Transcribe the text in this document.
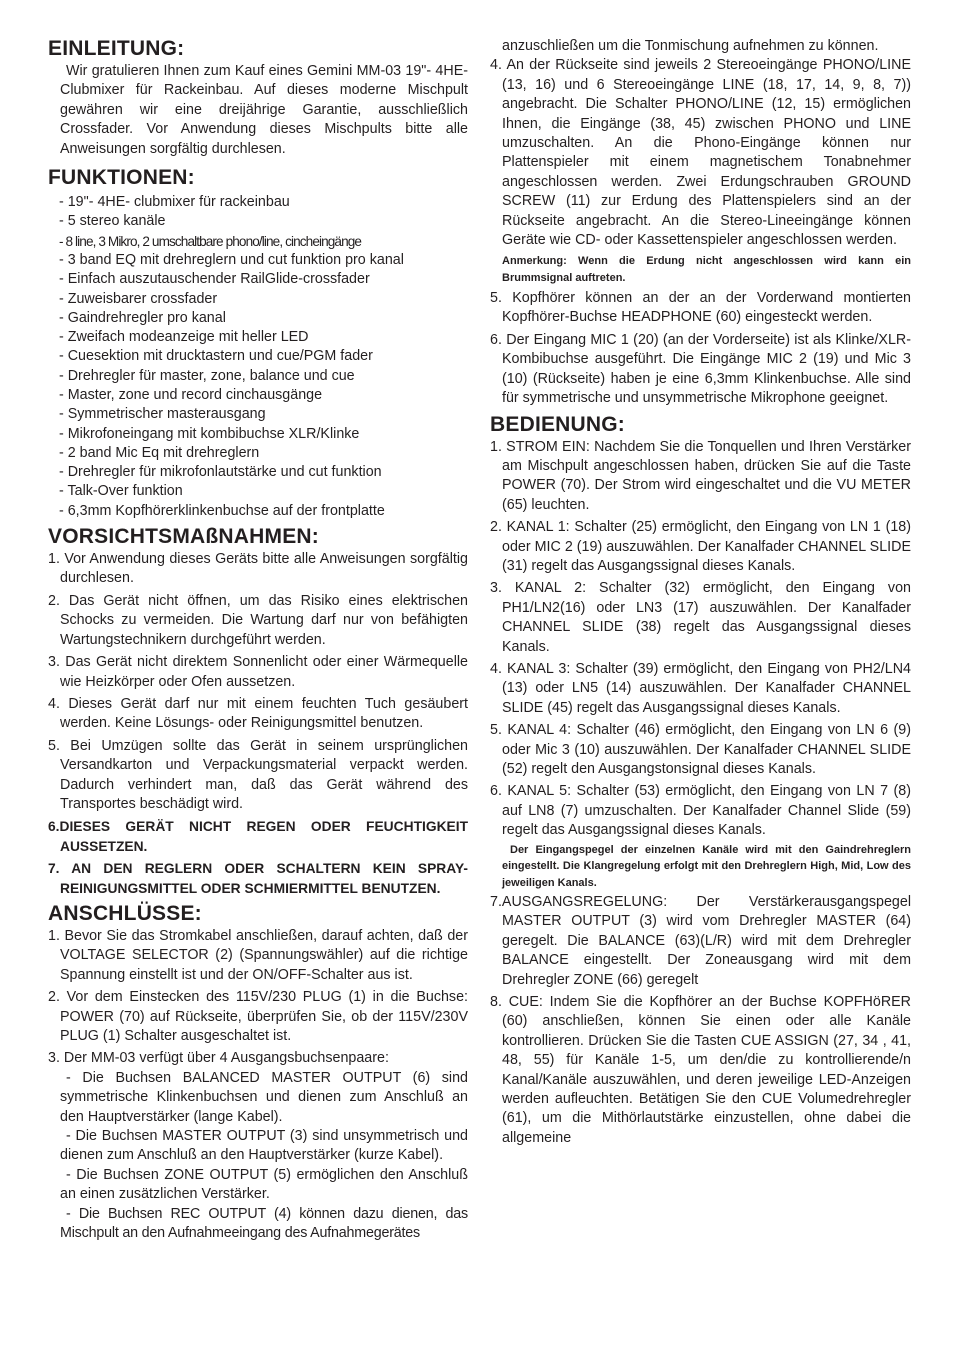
EINLEITUNG:

Wir gratulieren Ihnen zum Kauf eines Gemini MM-03 19"- 4HE- Clubmixer für Rackeinbau. Auf dieses moderne Mischpult gewähren wir eine dreijährige Garantie, ausschließlich Crossfader. Vor Anwendung dieses Mischpults bitte alle Anweisungen sorgfältig durchlesen.

FUNKTIONEN:
- 19"- 4HE- clubmixer für rackeinbau
- 5 stereo kanäle
- 8 line, 3 Mikro, 2 umschaltbare phono/line, cincheingänge
- 3 band EQ mit drehreglern und cut funktion pro kanal
- Einfach auszutauschender RailGlide-crossfader
- Zuweisbarer crossfader
- Gaindrehregler pro kanal
- Zweifach modeanzeige mit heller LED
- Cuesektion mit drucktastern und cue/PGM fader
- Drehregler für master, zone, balance und cue
- Master, zone und record cinchausgänge
- Symmetrischer masterausgang
- Mikrofoneingang mit kombibuchse XLR/Klinke
- 2 band Mic Eq mit drehreglern
- Drehregler für mikrofonlautstärke und cut funktion
- Talk-Over funktion
- 6,3mm Kopfhörerklinkenbuchse auf der frontplatte
VORSICHTSMAßNAHMEN:
1. Vor Anwendung dieses Geräts bitte alle Anweisungen sorgfältig durchlesen.
2. Das Gerät nicht öffnen, um das Risiko eines elektrischen Schocks zu vermeiden. Die Wartung darf nur von befähigten Wartungstechnikern durchgeführt werden.
3. Das Gerät nicht direktem Sonnenlicht oder einer Wärmequelle wie Heizkörper oder Ofen aussetzen.
4. Dieses Gerät darf nur mit einem feuchten Tuch gesäubert werden. Keine Lösungs- oder Reinigungsmittel benutzen.
5. Bei Umzügen sollte das Gerät in seinem ursprünglichen Versandkarton und Verpackungsmaterial verpackt werden. Dadurch verhindert man, daß das Gerät während des Transportes beschädigt wird.
6.DIESES GERÄT NICHT REGEN ODER FEUCHTIGKEIT AUSSETZEN.
7. AN DEN REGLERN ODER SCHALTERN KEIN SPRAY-REINIGUNGSMITTEL ODER SCHMIERMITTEL BENUTZEN.
ANSCHLÜSSE:
1. Bevor Sie das Stromkabel anschließen, darauf achten, daß der VOLTAGE SELECTOR (2) (Spannungswähler) auf die richtige Spannung einstellt ist und der ON/OFF-Schalter aus ist.
2. Vor dem Einstecken des 115V/230 PLUG (1) in die Buchse: POWER (70) auf Rückseite, überprüfen Sie, ob der 115V/230V PLUG (1) Schalter ausgeschaltet ist.
3. Der MM-03 verfügt über 4 Ausgangsbuchsenpaare:
- Die Buchsen BALANCED MASTER OUTPUT (6) sind symmetrische Klinkenbuchsen und dienen zum Anschluß an den Hauptverstärker (lange Kabel).
- Die Buchsen MASTER OUTPUT (3) sind unsymmetrisch und dienen zum Anschluß an den Hauptverstärker (kurze Kabel).
- Die Buchsen ZONE OUTPUT (5) ermöglichen den Anschluß an einen zusätzlichen Verstärker.
- Die Buchsen REC OUTPUT (4) können dazu dienen, das Mischpult an den Aufnahmeeingang des Aufnahmegerätes

anzuschließen um die Tonmischung aufnehmen zu können.

4. An der Rückseite sind jeweils 2 Stereoeingänge PHONO/LINE (13, 16) und 6 Stereoeingänge LINE (18, 17, 14, 9, 8, 7)) angebracht. Die Schalter PHONO/LINE (12, 15) ermöglichen Ihnen, die Eingänge (38, 45) zwischen PHONO und LINE umzuschalten. An die Phono-Eingänge können nur Plattenspieler mit einem magnetischem Tonabnehmer angeschlossen werden. Zwei Erdungschrauben GROUND SCREW (11) zur Erdung des Plattenspielers sind an der Rückseite angebracht. An die Stereo-Lineeingänge können Geräte wie CD- oder Kassettenspieler angeschlossen werden.
Anmerkung: Wenn die Erdung nicht angeschlossen wird kann ein Brummsignal auftreten.
5. Kopfhörer können an der an der Vorderwand montierten Kopfhörer-Buchse HEADPHONE (60) eingesteckt werden.
6. Der Eingang MIC 1 (20) (an der Vorderseite) ist als Klinke/XLR-Kombibuchse ausgeführt. Die Eingänge MIC 2 (19) und Mic 3 (10) (Rückseite) haben je eine 6,3mm Klinkenbuchse. Alle sind für symmetrische und unsymmetrische Mikrophone geeignet.
BEDIENUNG:
1. STROM EIN: Nachdem Sie die Tonquellen und Ihren Verstärker am Mischpult angeschlossen haben, drücken Sie auf die Taste POWER (70). Der Strom wird eingeschaltet und die VU METER (65) leuchten.
2. KANAL 1: Schalter (25) ermöglicht, den Eingang von LN 1 (18) oder MIC 2 (19) auszuwählen. Der Kanalfader CHANNEL SLIDE (31) regelt das Ausgangssignal dieses Kanals.
3. KANAL 2: Schalter (32) ermöglicht, den Eingang von PH1/LN2(16) oder LN3 (17) auszuwählen. Der Kanalfader CHANNEL SLIDE (38) regelt das Ausgangssignal dieses Kanals.
4. KANAL 3: Schalter (39) ermöglicht, den Eingang von PH2/LN4 (13) oder LN5 (14) auszuwählen. Der Kanalfader CHANNEL SLIDE (45) regelt das Ausgangssignal dieses Kanals.
5. KANAL 4: Schalter (46) ermöglicht, den Eingang von LN 6 (9) oder Mic 3 (10) auszuwählen. Der Kanalfader CHANNEL SLIDE (52) regelt den Ausgangstonsignal dieses Kanals.
6. KANAL 5: Schalter (53) ermöglicht, den Eingang von LN 7 (8) auf LN8 (7) umzuschalten. Der Kanalfader Channel Slide (59) regelt das Ausgangssignal dieses Kanals.
Der Eingangspegel der einzelnen Kanäle wird mit den Gaindrehreglern eingestellt. Die Klangregelung erfolgt mit den Drehreglern High, Mid, Low des jeweiligen Kanals.
7.AUSGANGSREGELUNG: Der Verstärkerausgangspegel MASTER OUTPUT (3) wird vom Drehregler MASTER (64) geregelt. Die BALANCE (63)(L/R) wird mit dem Drehregler BALANCE eingestellt. Der Zoneausgang wird mit dem Drehregler ZONE (66) geregelt
8. CUE: Indem Sie die Kopfhörer an der Buchse KOPFHöRER (60) anschließen, können Sie einen oder alle Kanäle kontrollieren. Drücken Sie die Tasten CUE ASSIGN (27, 34 , 41, 48, 55) für Kanäle 1-5, um den/die zu kontrollierende/n Kanal/Kanäle auszuwählen, und deren jeweilige LED-Anzeigen werden aufleuchten. Betätigen Sie den CUE Volumedrehregler (61), um die Mithörlautstärke einzustellen, ohne dabei die allgemeine
